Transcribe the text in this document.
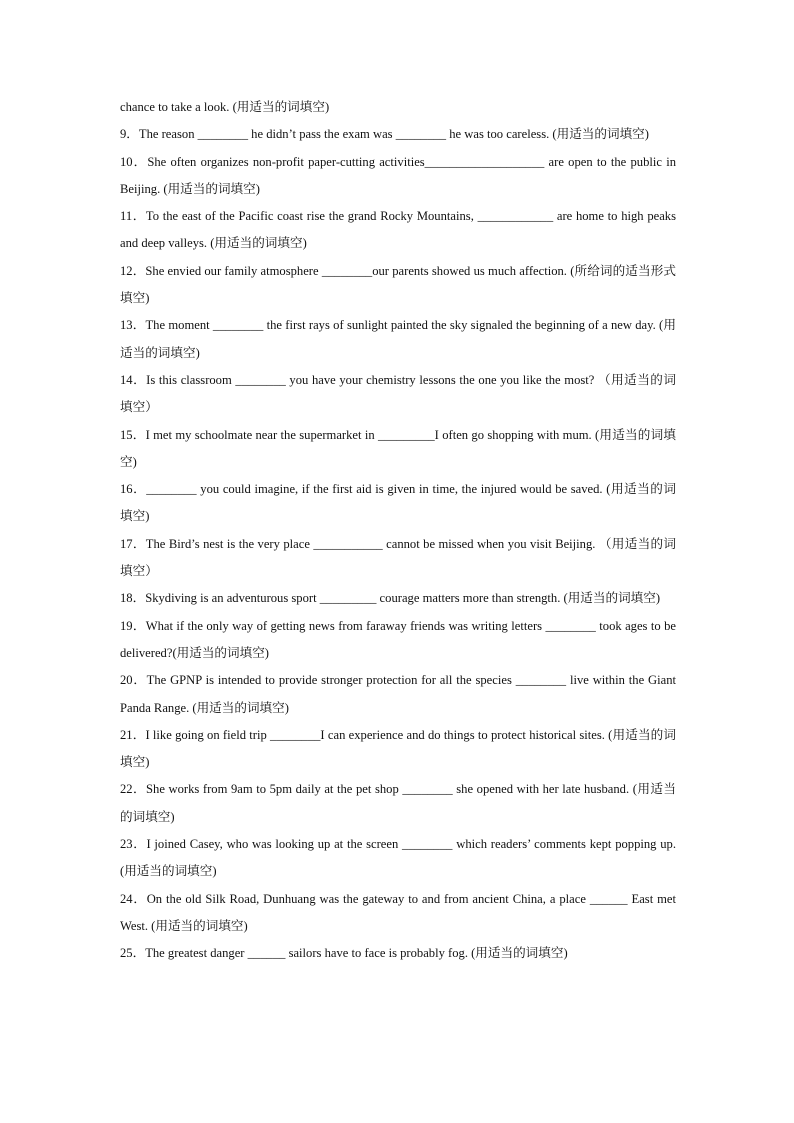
chance to take a look. (用适当的词填空)

9．The reason ________ he didn’t pass the exam was ________ he was too careless. (用适当的词填空)

10．She often organizes non-profit paper-cutting activities___________________ are open to the public in Beijing. (用适当的词填空)

11．To the east of the Pacific coast rise the grand Rocky Mountains, ____________ are home to high peaks and deep valleys. (用适当的词填空)

12．She envied our family atmosphere ________our parents showed us much affection. (所给词的适当形式填空)

13．The moment ________ the first rays of sunlight painted the sky signaled the beginning of a new day. (用适当的词填空)

14．Is this classroom ________ you have your chemistry lessons the one you like the most? （用适当的词填空）

15．I met my schoolmate near the supermarket in _________I often go shopping with mum. (用适当的词填空)

16．________ you could imagine, if the first aid is given in time, the injured would be saved. (用适当的词填空)

17．The Bird’s nest is the very place ___________ cannot be missed when you visit Beijing. （用适当的词填空）

18．Skydiving is an adventurous sport _________ courage matters more than strength. (用适当的词填空)

19．What if the only way of getting news from faraway friends was writing letters ________ took ages to be delivered?(用适当的词填空)

20．The GPNP is intended to provide stronger protection for all the species ________ live within the Giant Panda Range. (用适当的词填空)

21．I like going on field trip ________I can experience and do things to protect historical sites. (用适当的词填空)

22．She works from 9am to 5pm daily at the pet shop ________ she opened with her late husband. (用适当的词填空)

23．I joined Casey, who was looking up at the screen ________ which readers’ comments kept popping up. (用适当的词填空)

24．On the old Silk Road, Dunhuang was the gateway to and from ancient China, a place ______ East met West. (用适当的词填空)

25．The greatest danger ______ sailors have to face is probably fog. (用适当的词填空)
